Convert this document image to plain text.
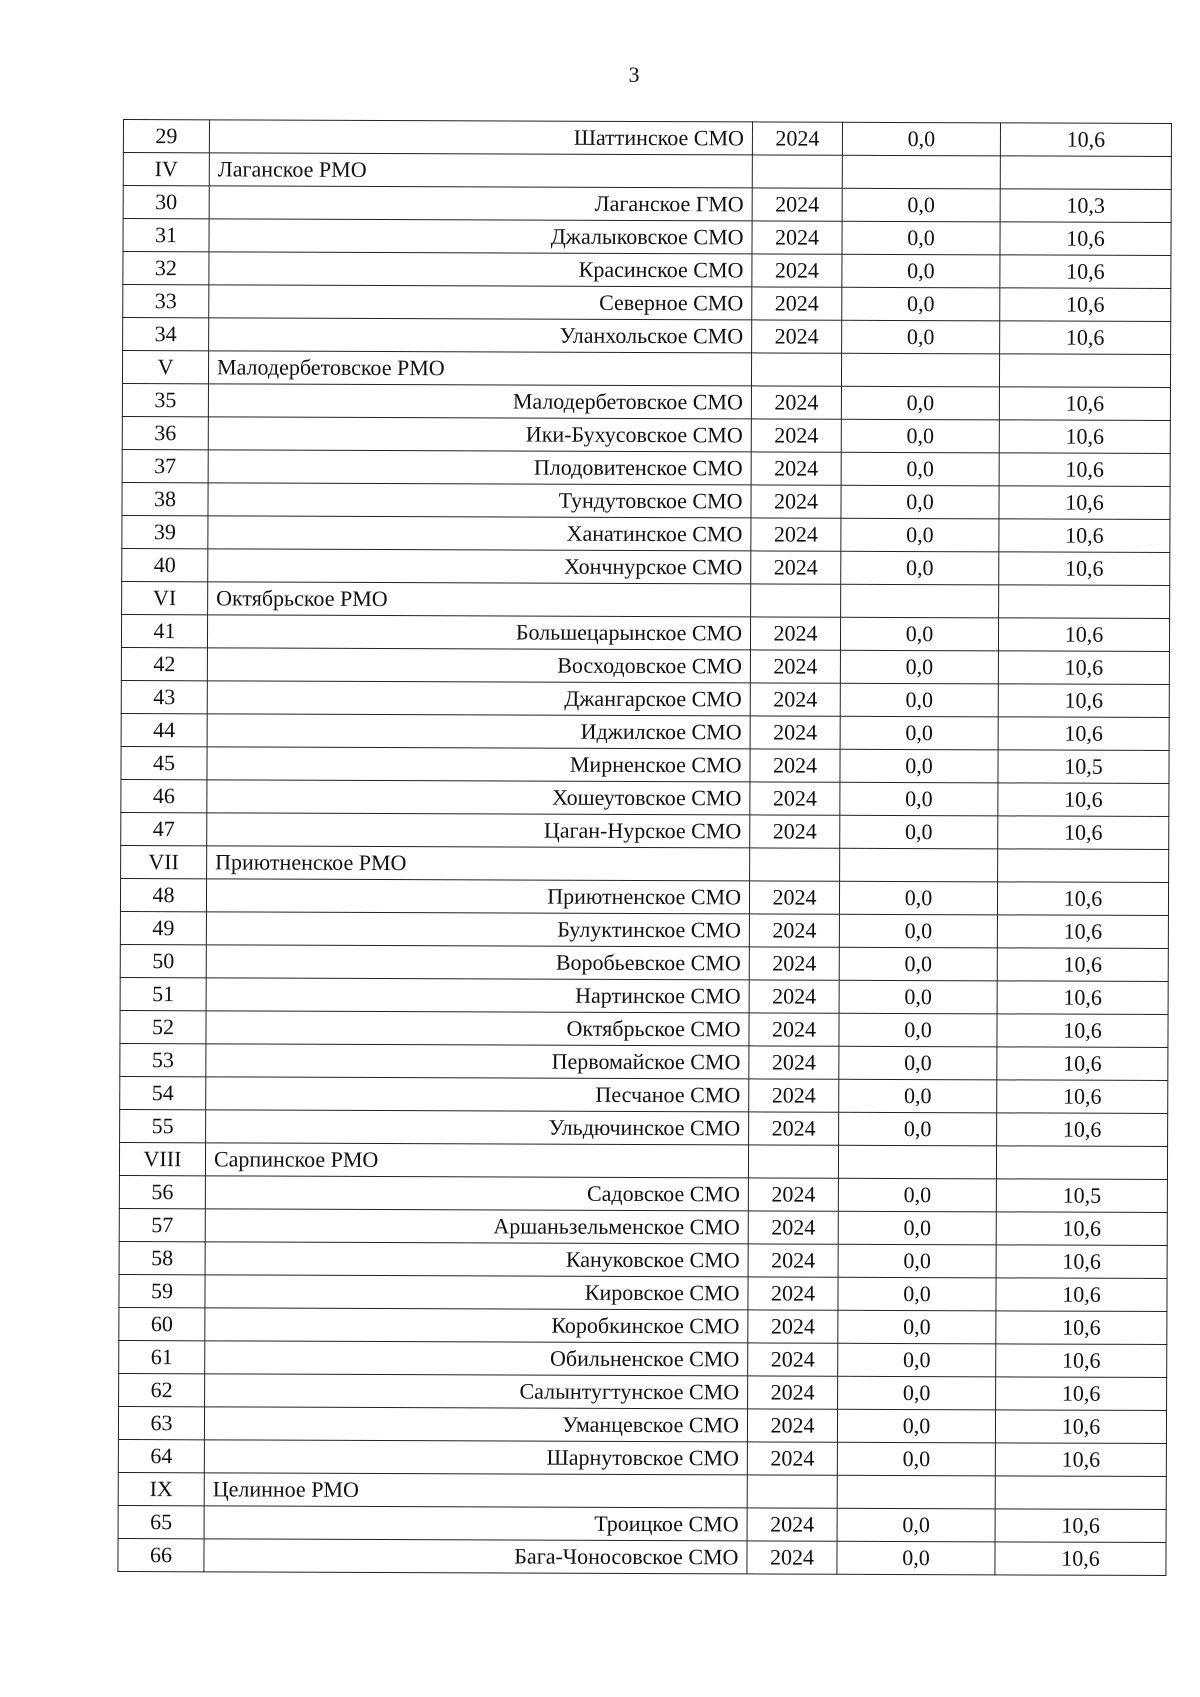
3
29	Шаттинское СМО	2024	0,0	10,6
IV	Лаганское РМО			
30	Лаганское ГМО	2024	0,0	10,3
31	Джалыковское СМО	2024	0,0	10,6
32	Красинское СМО	2024	0,0	10,6
33	Северное СМО	2024	0,0	10,6
34	Уланхольское СМО	2024	0,0	10,6
V	Малодербетовское РМО			
35	Малодербетовское СМО	2024	0,0	10,6
36	Ики-Бухусовское СМО	2024	0,0	10,6
37	Плодовитенское СМО	2024	0,0	10,6
38	Тундутовское СМО	2024	0,0	10,6
39	Ханатинское СМО	2024	0,0	10,6
40	Хончнурское СМО	2024	0,0	10,6
VI	Октябрьское РМО			
41	Большецарынское СМО	2024	0,0	10,6
42	Восходовское СМО	2024	0,0	10,6
43	Джангарское СМО	2024	0,0	10,6
44	Иджилское СМО	2024	0,0	10,6
45	Мирненское СМО	2024	0,0	10,5
46	Хошеутовское СМО	2024	0,0	10,6
47	Цаган-Нурское СМО	2024	0,0	10,6
VII	Приютненское РМО			
48	Приютненское СМО	2024	0,0	10,6
49	Булуктинское СМО	2024	0,0	10,6
50	Воробьевское СМО	2024	0,0	10,6
51	Нартинское СМО	2024	0,0	10,6
52	Октябрьское СМО	2024	0,0	10,6
53	Первомайское СМО	2024	0,0	10,6
54	Песчаное СМО	2024	0,0	10,6
55	Ульдючинское СМО	2024	0,0	10,6
VIII	Сарпинское РМО			
56	Садовское СМО	2024	0,0	10,5
57	Аршаньзельменское СМО	2024	0,0	10,6
58	Кануковское СМО	2024	0,0	10,6
59	Кировское СМО	2024	0,0	10,6
60	Коробкинское СМО	2024	0,0	10,6
61	Обильненское СМО	2024	0,0	10,6
62	Салынтугтунское СМО	2024	0,0	10,6
63	Уманцевское СМО	2024	0,0	10,6
64	Шарнутовское СМО	2024	0,0	10,6
IX	Целинное РМО			
65	Троицкое СМО	2024	0,0	10,6
66	Бага-Чоносовское СМО	2024	0,0	10,6
